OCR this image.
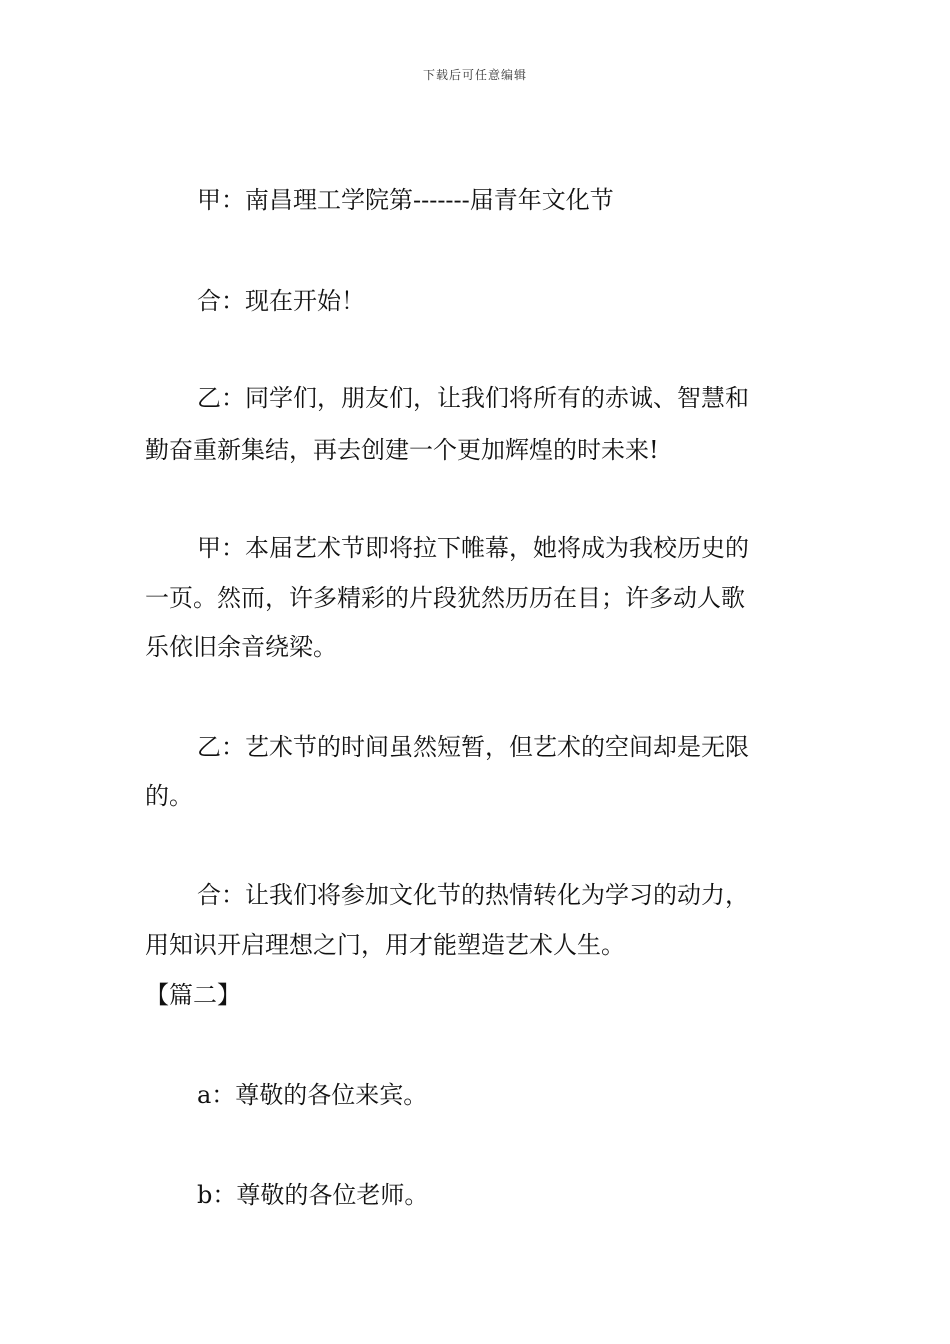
下载后可任意编辑
甲：南昌理工学院第-------届青年文化节
合：现在开始！
乙：同学们，朋友们，让我们将所有的赤诚、智慧和
勤奋重新集结，再去创建一个更加辉煌的时未来!
甲：本届艺术节即将拉下帷幕，她将成为我校历史的
一页。然而，许多精彩的片段犹然历历在目；许多动人歌
乐依旧余音绕梁。
乙：艺术节的时间虽然短暂，但艺术的空间却是无限
的。
合：让我们将参加文化节的热情转化为学习的动力，
用知识开启理想之门，用才能塑造艺术人生。
【篇二】
a：尊敬的各位来宾。
b：尊敬的各位老师。
